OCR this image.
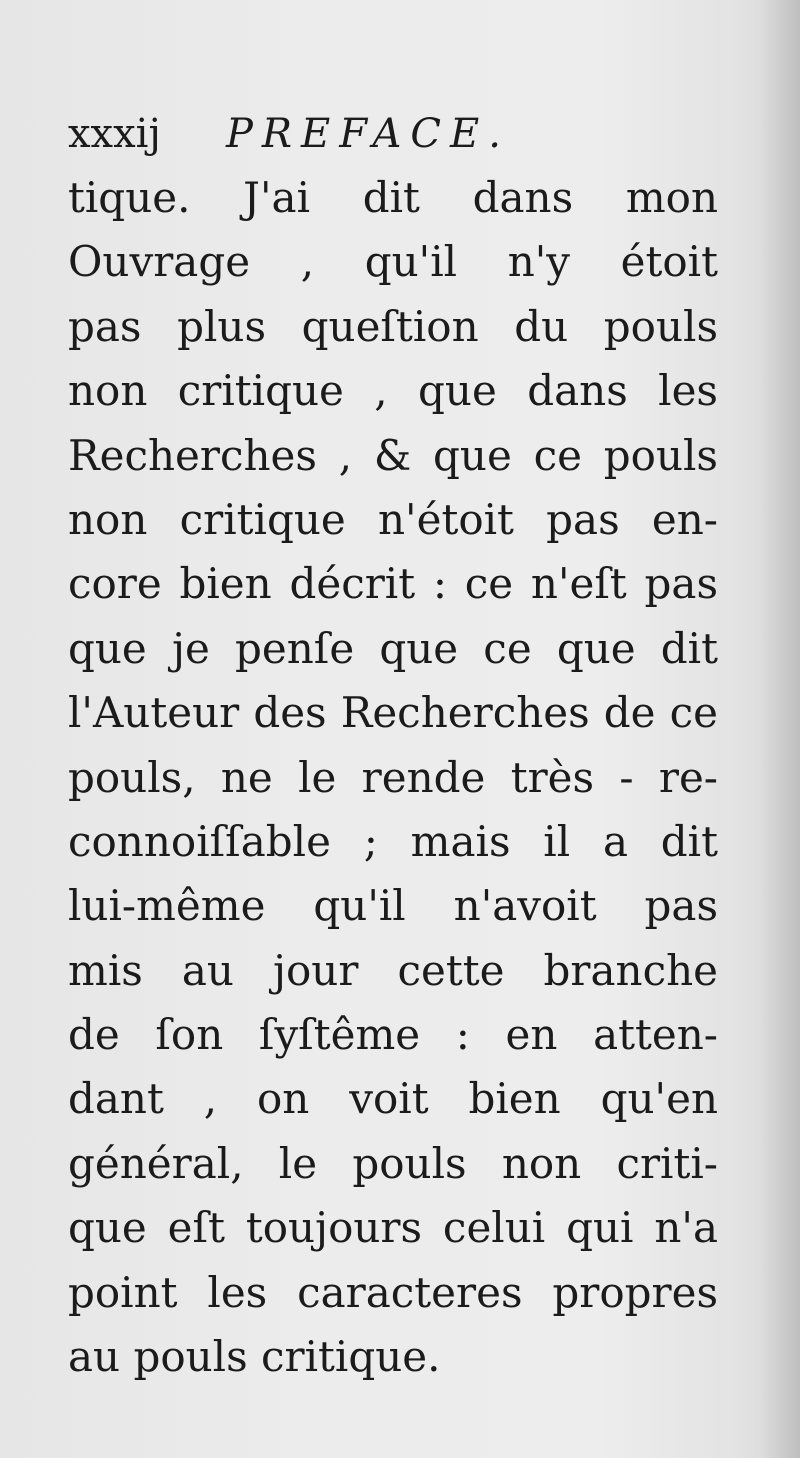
xxxij PREFACE.
tique. J'ai dit dans mon
Ouvrage , qu'il n'y étoit
pas plus queſtion du pouls
non critique , que dans les
Recherches , & que ce pouls
non critique n'étoit pas en-
core bien décrit : ce n'eſt pas
que je penſe que ce que dit
l'Auteur des Recherches de ce
pouls, ne le rende très - re-
connoiſſable ; mais il a dit
lui-même qu'il n'avoit pas
mis au jour cette branche
de ſon ſyſtême : en atten-
dant , on voit bien qu'en
général, le pouls non criti-
que eſt toujours celui qui n'a
point les caracteres propres
au pouls critique.
